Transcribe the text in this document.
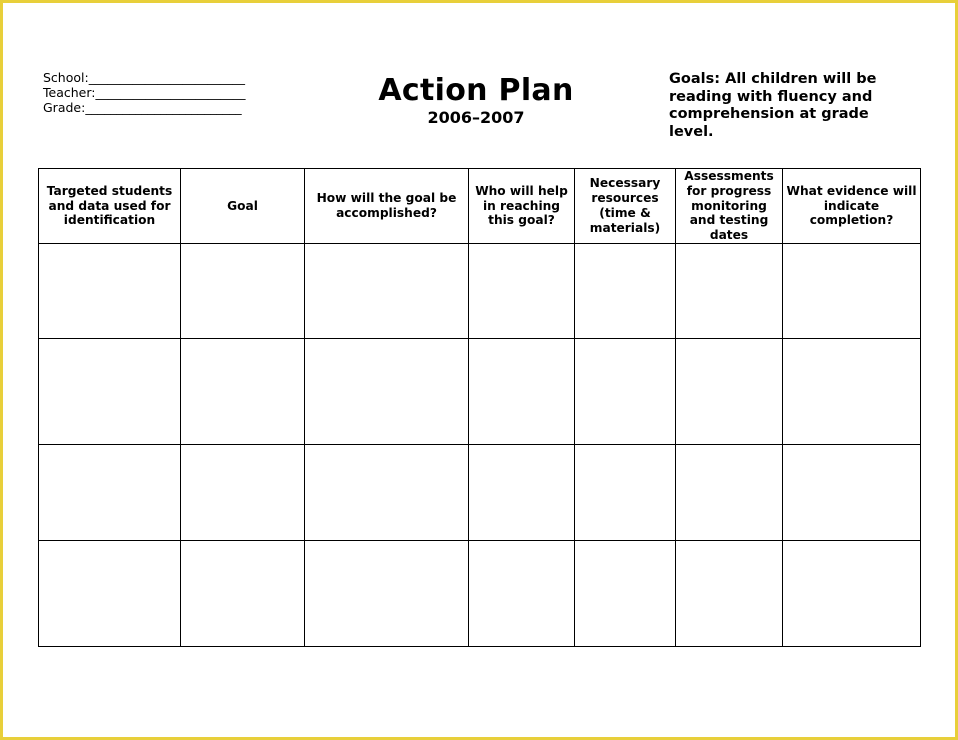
School:_________________________
Teacher:________________________
Grade:_________________________	Action Plan
2006–2007
Goals: All children will be reading with fluency and comprehension at grade level.
Targeted students and data used for identification	Goal	How will the goal be accomplished?	Who will help in reaching this goal?	Necessary resources (time & materials)	Assessments for progress monitoring and testing dates	What evidence will indicate completion?
